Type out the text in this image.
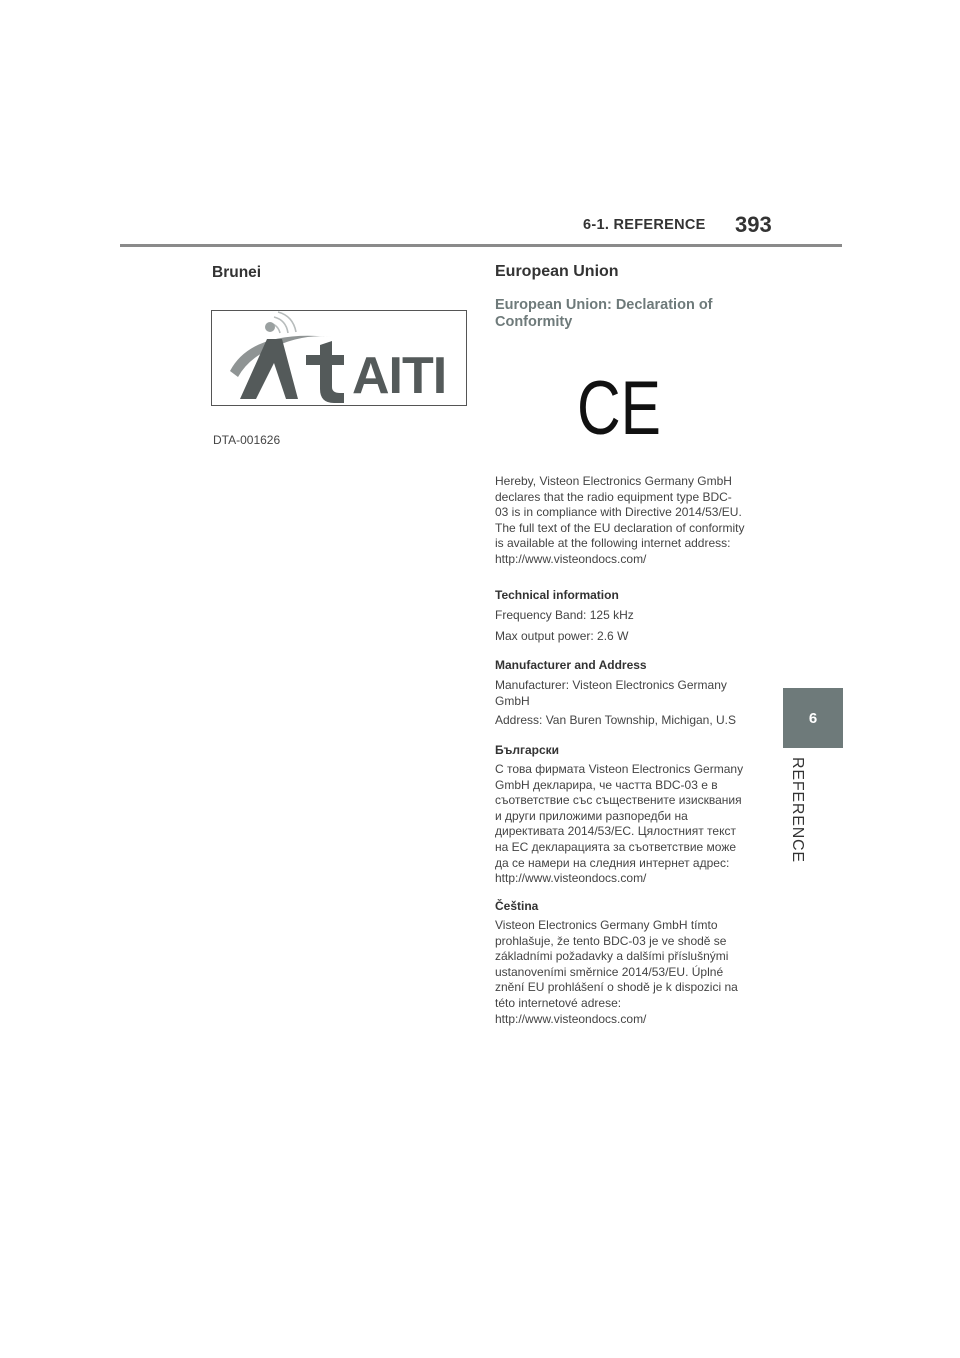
6-1. REFERENCE 393
6
REFERENCE
Brunei
AITI
DTA-001626
European Union
European Union: Declaration of Conformity
CE
Hereby, Visteon Electronics Germany GmbH declares that the radio equipment type BDC-03 is in compliance with Directive 2014/53/EU. The full text of the EU declaration of conformity is available at the following internet address: http://www.visteondocs.com/
Technical information
Frequency Band: 125 kHz
Max output power: 2.6 W
Manufacturer and Address
Manufacturer: Visteon Electronics Germany GmbH
Address: Van Buren Township, Michigan, U.S
Български
С това фирмата Visteon Electronics Germany GmbH декларира, че частта BDC-03 е в съответствие със съществените изисквания и други приложими разпоредби на директивата 2014/53/ЕС. Цялостният текст на ЕС декларацията за съответствие може да се намери на следния интернет адрес: http://www.visteondocs.com/
Čeština
Visteon Electronics Germany GmbH tímto prohlašuje, že tento BDC-03 je ve shodě se základními požadavky a dalšími příslušnými ustanoveními směrnice 2014/53/EU. Úplné znění EU prohlášení o shodě je k dispozici na této internetové adrese: http://www.visteondocs.com/
